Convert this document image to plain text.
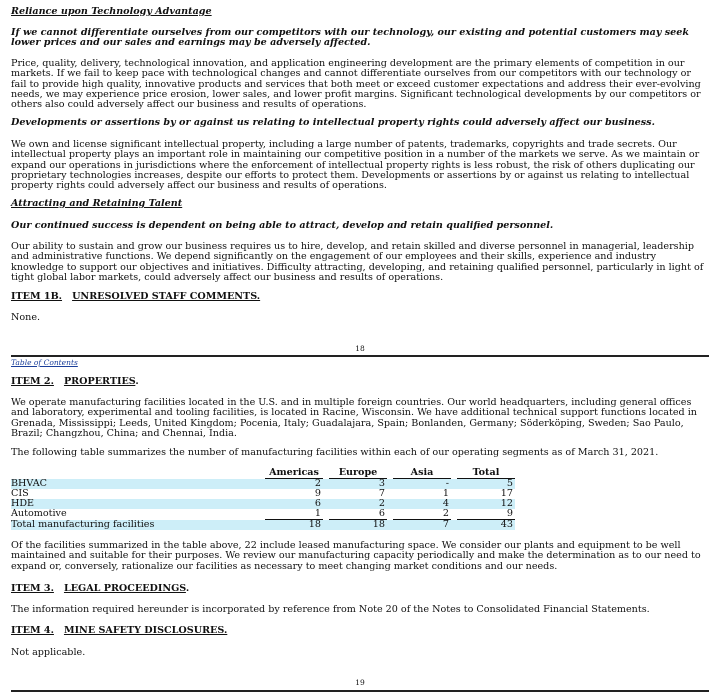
Reliance upon Technology Advantage

If we cannot differentiate ourselves from our competitors with our technology, our existing and potential customers may seek lower prices and our sales and earnings may be adversely affected.

Price, quality, delivery, technological innovation, and application engineering development are the primary elements of competition in our markets. If we fail to keep pace with technological changes and cannot differentiate ourselves from our competitors with our technology or fail to provide high quality, innovative products and services that both meet or exceed customer expectations and address their ever-evolving needs, we may experience price erosion, lower sales, and lower profit margins. Significant technological developments by our competitors or others also could adversely affect our business and results of operations.

Developments or assertions by or against us relating to intellectual property rights could adversely affect our business.

We own and license significant intellectual property, including a large number of patents, trademarks, copyrights and trade secrets. Our intellectual property plays an important role in maintaining our competitive position in a number of the markets we serve. As we maintain or expand our operations in jurisdictions where the enforcement of intellectual property rights is less robust, the risk of others duplicating our proprietary technologies increases, despite our efforts to protect them. Developments or assertions by or against us relating to intellectual property rights could adversely affect our business and results of operations.

Attracting and Retaining Talent

Our continued success is dependent on being able to attract, develop and retain qualified personnel.

Our ability to sustain and grow our business requires us to hire, develop, and retain skilled and diverse personnel in managerial, leadership and administrative functions. We depend significantly on the engagement of our employees and their skills, experience and industry knowledge to support our objectives and initiatives. Difficulty attracting, developing, and retaining qualified personnel, particularly in light of tight global labor markets, could adversely affect our business and results of operations.

ITEM 1B. UNRESOLVED STAFF COMMENTS.

None.

18
Table of Contents

ITEM 2. PROPERTIES.

We operate manufacturing facilities located in the U.S. and in multiple foreign countries. Our world headquarters, including general offices and laboratory, experimental and tooling facilities, is located in Racine, Wisconsin. We have additional technical support functions located in Grenada, Mississippi; Leeds, United Kingdom; Pocenia, Italy; Guadalajara, Spain; Bonlanden, Germany; Söderköping, Sweden; Sao Paulo, Brazil; Changzhou, China; and Chennai, India.

The following table summarizes the number of manufacturing facilities within each of our operating segments as of March 31, 2021.

	Americas		Europe		Asia		Total
BHVAC	2		3		-		5
CIS	9		7		1		17
HDE	6		2		4		12
Automotive	1		6		2		9
Total manufacturing facilities	18		18		7		43

Of the facilities summarized in the table above, 22 include leased manufacturing space. We consider our plants and equipment to be well maintained and suitable for their purposes. We review our manufacturing capacity periodically and make the determination as to our need to expand or, conversely, rationalize our facilities as necessary to meet changing market conditions and our needs.

ITEM 3. LEGAL PROCEEDINGS.

The information required hereunder is incorporated by reference from Note 20 of the Notes to Consolidated Financial Statements.

ITEM 4. MINE SAFETY DISCLOSURES.

Not applicable.

19
